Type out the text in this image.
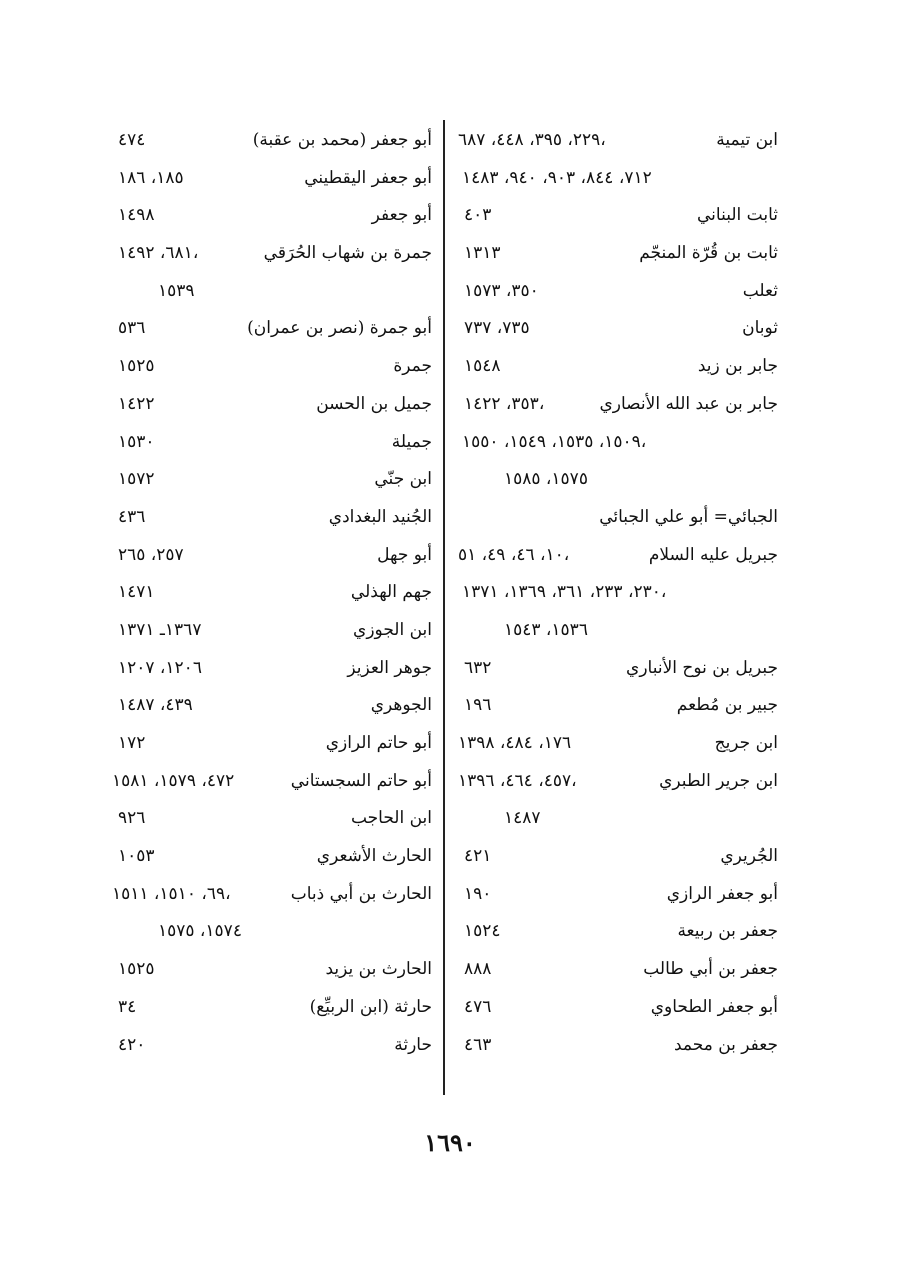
ابن تيمية
٢٢٩، ٣٩٥، ٤٤٨، ٦٨٧،
٧١٢، ٨٤٤، ٩٠٣، ٩٤٠، ١٤٨٣
ثابت البناني
٤٠٣
ثابت بن قُرّة المنجّم
١٣١٣
ثعلب
٣٥٠، ١٥٧٣
ثوبان
٧٣٥، ٧٣٧
جابر بن زيد
١٥٤٨
جابر بن عبد الله الأنصاري
٣٥٣، ١٤٢٢،
١٥٠٩، ١٥٣٥، ١٥٤٩، ١٥٥٠،
١٥٧٥، ١٥٨٥
الجبائي= أبو علي الجبائي
جبريل عليه السلام
١٠، ٤٦، ٤٩، ٥١،
٢٣٠، ٢٣٣، ٣٦١، ١٣٦٩، ١٣٧١،
١٥٣٦، ١٥٤٣
جبريل بن نوح الأنباري
٦٣٢
جبير بن مُطعم
١٩٦
ابن جريج
١٧٦، ٤٨٤، ١٣٩٨
ابن جرير الطبري
٤٥٧، ٤٦٤، ١٣٩٦،
١٤٨٧
الجُريري
٤٢١
أبو جعفر الرازي
١٩٠
جعفر بن ربيعة
١٥٢٤
جعفر بن أبي طالب
٨٨٨
أبو جعفر الطحاوي
٤٧٦
جعفر بن محمد
٤٦٣
أبو جعفر (محمد بن عقبة)
٤٧٤
أبو جعفر اليقطيني
١٨٥، ١٨٦
أبو جعفر
١٤٩٨
جمرة بن شهاب الحُرَقي
٦٨١، ١٤٩٢،
١٥٣٩
أبو جمرة (نصر بن عمران)
٥٣٦
جمرة
١٥٢٥
جميل بن الحسن
١٤٢٢
جميلة
١٥٣٠
ابن جنّي
١٥٧٢
الجُنيد البغدادي
٤٣٦
أبو جهل
٢٥٧، ٢٦٥
جهم الهذلي
١٤٧١
ابن الجوزي
١٣٦٧ـ ١٣٧١
جوهر العزيز
١٢٠٦، ١٢٠٧
الجوهري
٤٣٩، ١٤٨٧
أبو حاتم الرازي
١٧٢
أبو حاتم السجستاني
٤٧٢، ١٥٧٩، ١٥٨١
ابن الحاجب
٩٢٦
الحارث الأشعري
١٠٥٣
الحارث بن أبي ذباب
٦٩، ١٥١٠، ١٥١١،
١٥٧٤، ١٥٧٥
الحارث بن يزيد
١٥٢٥
حارثة (ابن الربيِّع)
٣٤
حارثة
٤٢٠
١٦٩٠
